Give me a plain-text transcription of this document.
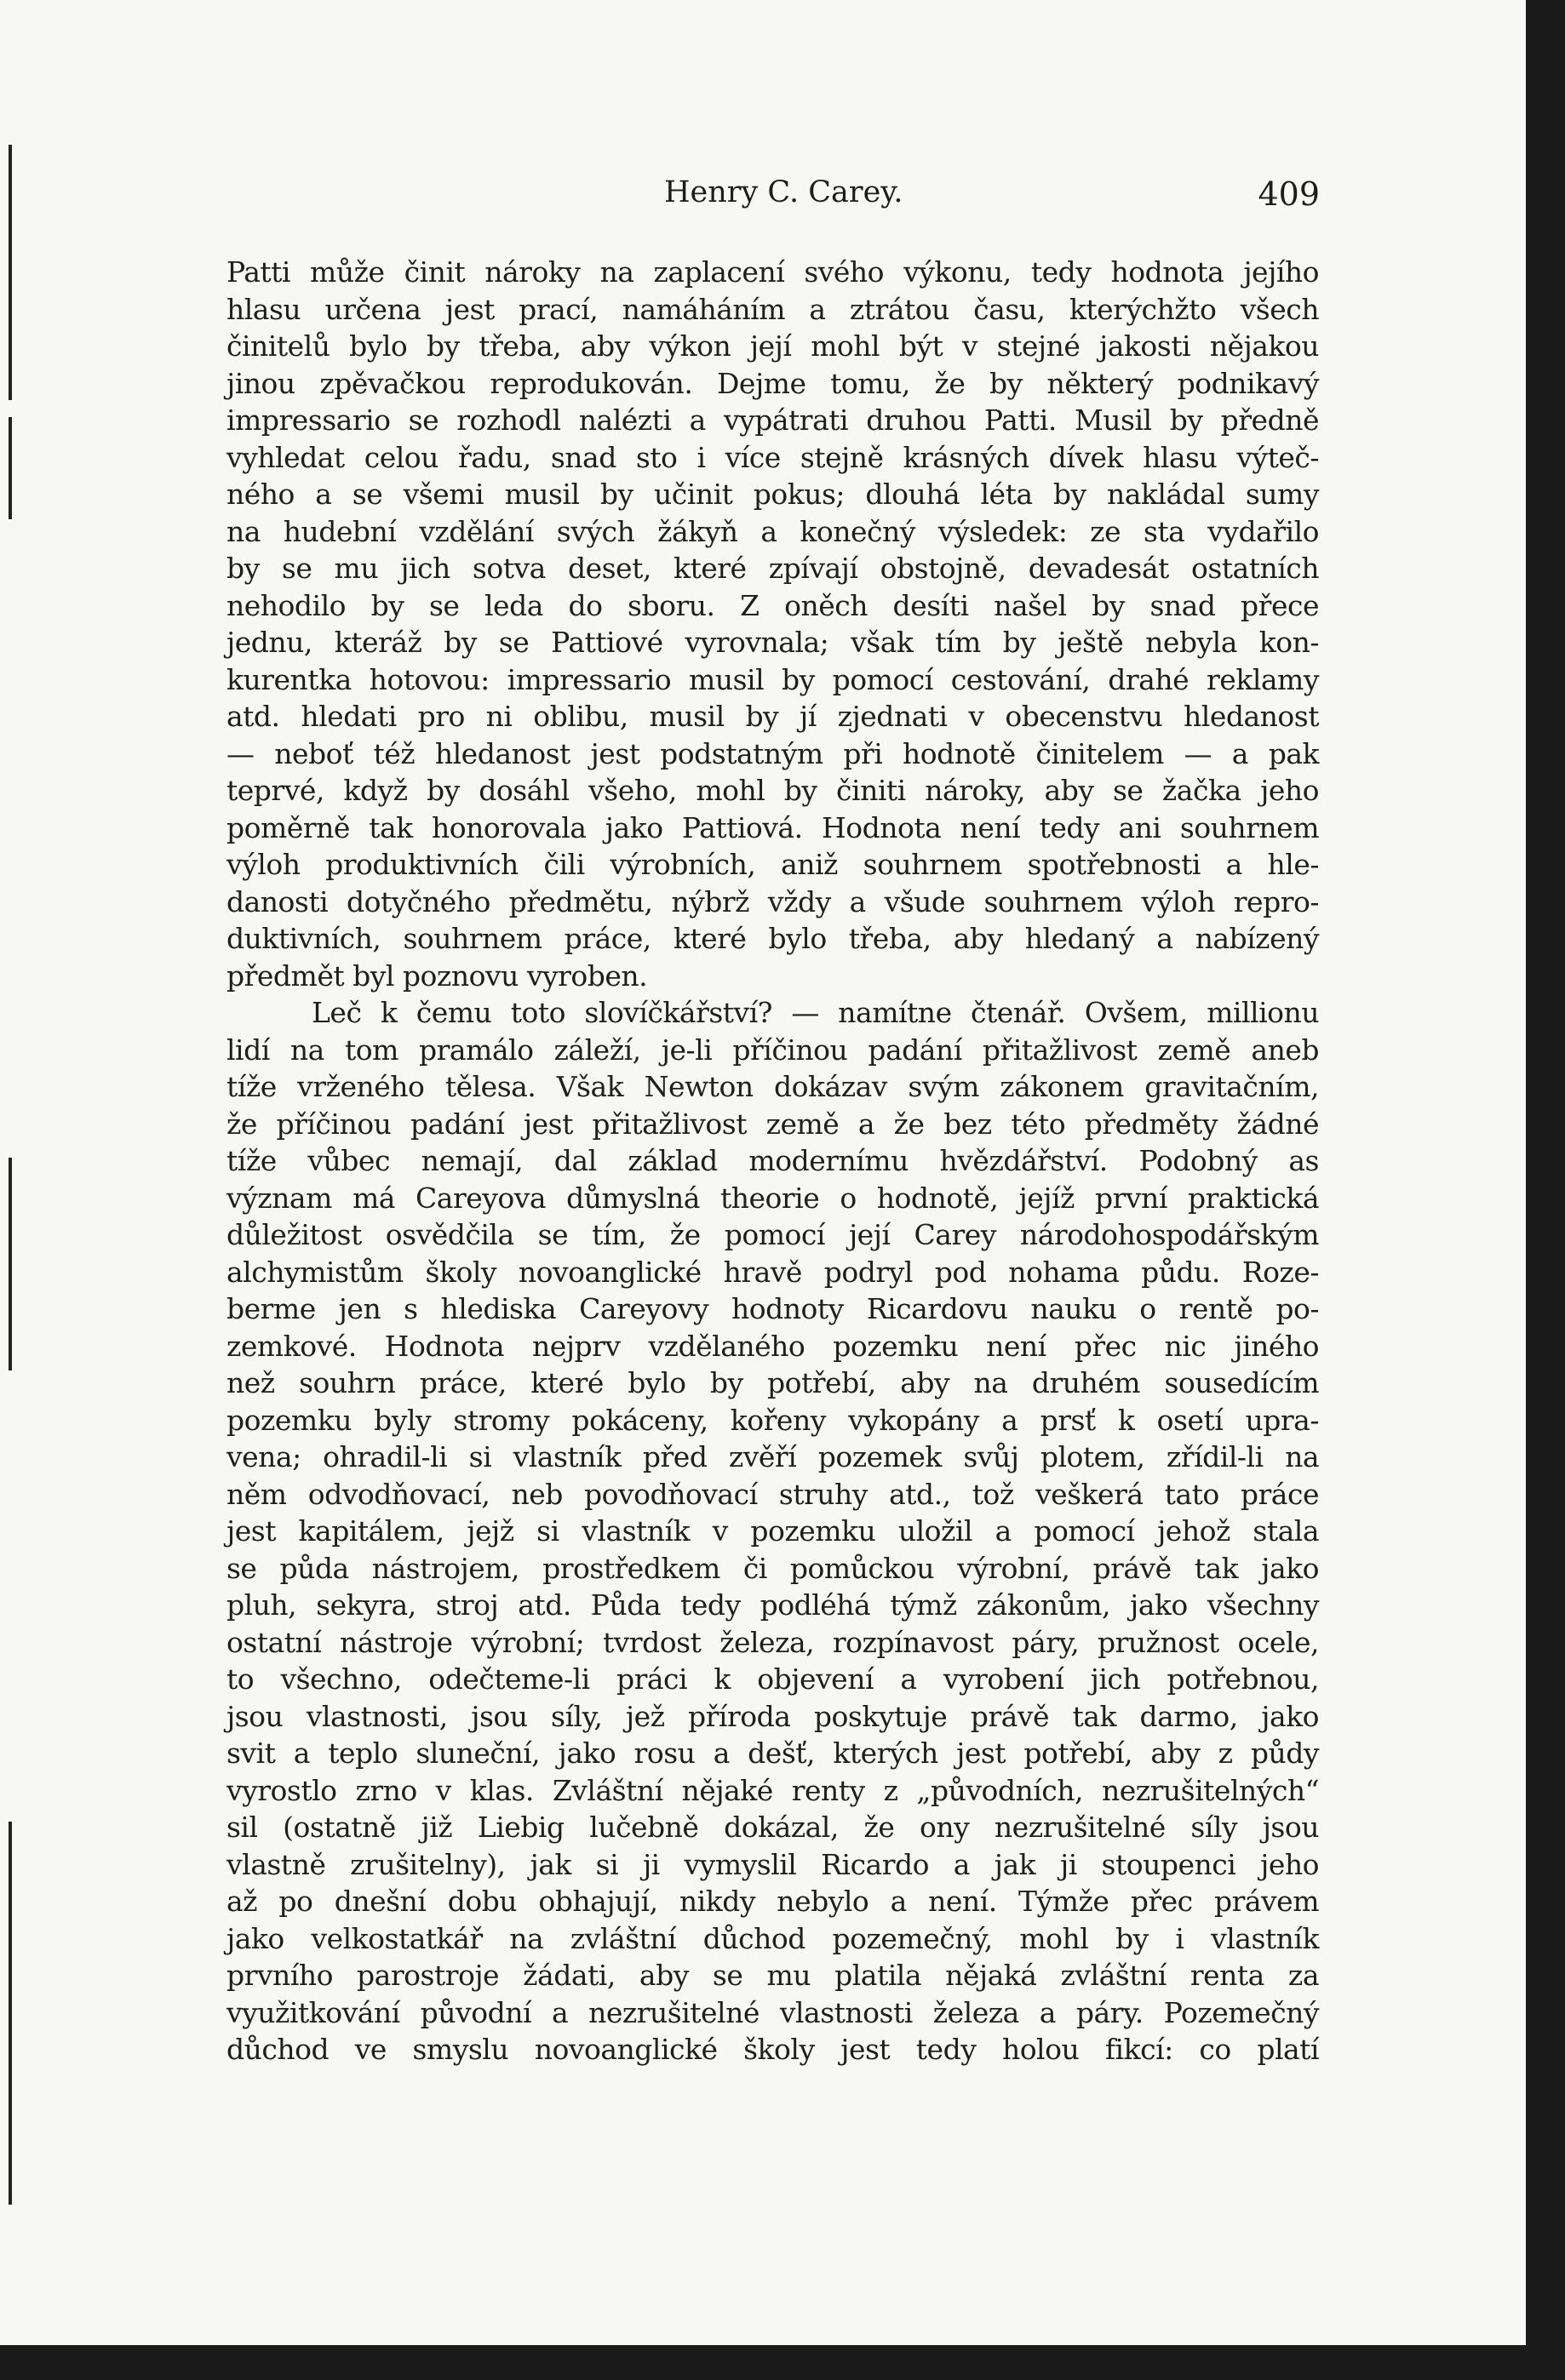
Henry C. Carey.	409
Patti může činit nároky na zaplacení svého výkonu, tedy hodnota jejího
hlasu určena jest prací, namáháním a ztrátou času, kterýchžto všech
činitelů bylo by třeba, aby výkon její mohl být v stejné jakosti nějakou
jinou zpěvačkou reprodukován. Dejme tomu, že by některý podnikavý
impressario se rozhodl nalézti a vypátrati druhou Patti. Musil by předně
vyhledat celou řadu, snad sto i více stejně krásných dívek hlasu výteč-
ného a se všemi musil by učinit pokus; dlouhá léta by nakládal sumy
na hudební vzdělání svých žákyň a konečný výsledek: ze sta vydařilo
by se mu jich sotva deset, které zpívají obstojně, devadesát ostatních
nehodilo by se leda do sboru. Z oněch desíti našel by snad přece
jednu, kteráž by se Pattiové vyrovnala; však tím by ještě nebyla kon-
kurentka hotovou: impressario musil by pomocí cestování, drahé reklamy
atd. hledati pro ni oblibu, musil by jí zjednati v obecenstvu hledanost
— neboť též hledanost jest podstatným při hodnotě činitelem — a pak
teprvé, když by dosáhl všeho, mohl by činiti nároky, aby se žačka jeho
poměrně tak honorovala jako Pattiová. Hodnota není tedy ani souhrnem
výloh produktivních čili výrobních, aniž souhrnem spotřebnosti a hle-
danosti dotyčného předmětu, nýbrž vždy a všude souhrnem výloh repro-
duktivních, souhrnem práce, které bylo třeba, aby hledaný a nabízený
předmět byl poznovu vyroben.
Leč k čemu toto slovíčkářství? — namítne čtenář. Ovšem, millionu
lidí na tom pramálo záleží, je-li příčinou padání přitažlivost země aneb
tíže vrženého tělesa. Však Newton dokázav svým zákonem gravitačním,
že příčinou padání jest přitažlivost země a že bez této předměty žádné
tíže vůbec nemají, dal základ modernímu hvězdářství. Podobný as
význam má Careyova důmyslná theorie o hodnotě, jejíž první praktická
důležitost osvědčila se tím, že pomocí její Carey národohospodářským
alchymistům školy novoanglické hravě podryl pod nohama půdu. Roze-
berme jen s hlediska Careyovy hodnoty Ricardovu nauku o rentě po-
zemkové. Hodnota nejprv vzdělaného pozemku není přec nic jiného
než souhrn práce, které bylo by potřebí, aby na druhém sousedícím
pozemku byly stromy pokáceny, kořeny vykopány a prsť k osetí upra-
vena; ohradil-li si vlastník před zvěří pozemek svůj plotem, zřídil-li na
něm odvodňovací, neb povodňovací struhy atd., tož veškerá tato práce
jest kapitálem, jejž si vlastník v pozemku uložil a pomocí jehož stala
se půda nástrojem, prostředkem či pomůckou výrobní, právě tak jako
pluh, sekyra, stroj atd. Půda tedy podléhá týmž zákonům, jako všechny
ostatní nástroje výrobní; tvrdost železa, rozpínavost páry, pružnost ocele,
to všechno, odečteme-li práci k objevení a vyrobení jich potřebnou,
jsou vlastnosti, jsou síly, jež příroda poskytuje právě tak darmo, jako
svit a teplo sluneční, jako rosu a dešť, kterých jest potřebí, aby z půdy
vyrostlo zrno v klas. Zvláštní nějaké renty z „původních, nezrušitelných“
sil (ostatně již Liebig lučebně dokázal, že ony nezrušitelné síly jsou
vlastně zrušitelny), jak si ji vymyslil Ricardo a jak ji stoupenci jeho
až po dnešní dobu obhajují, nikdy nebylo a není. Týmže přec právem
jako velkostatkář na zvláštní důchod pozemečný, mohl by i vlastník
prvního parostroje žádati, aby se mu platila nějaká zvláštní renta za
využitkování původní a nezrušitelné vlastnosti železa a páry. Pozemečný
důchod ve smyslu novoanglické školy jest tedy holou fikcí: co platí
